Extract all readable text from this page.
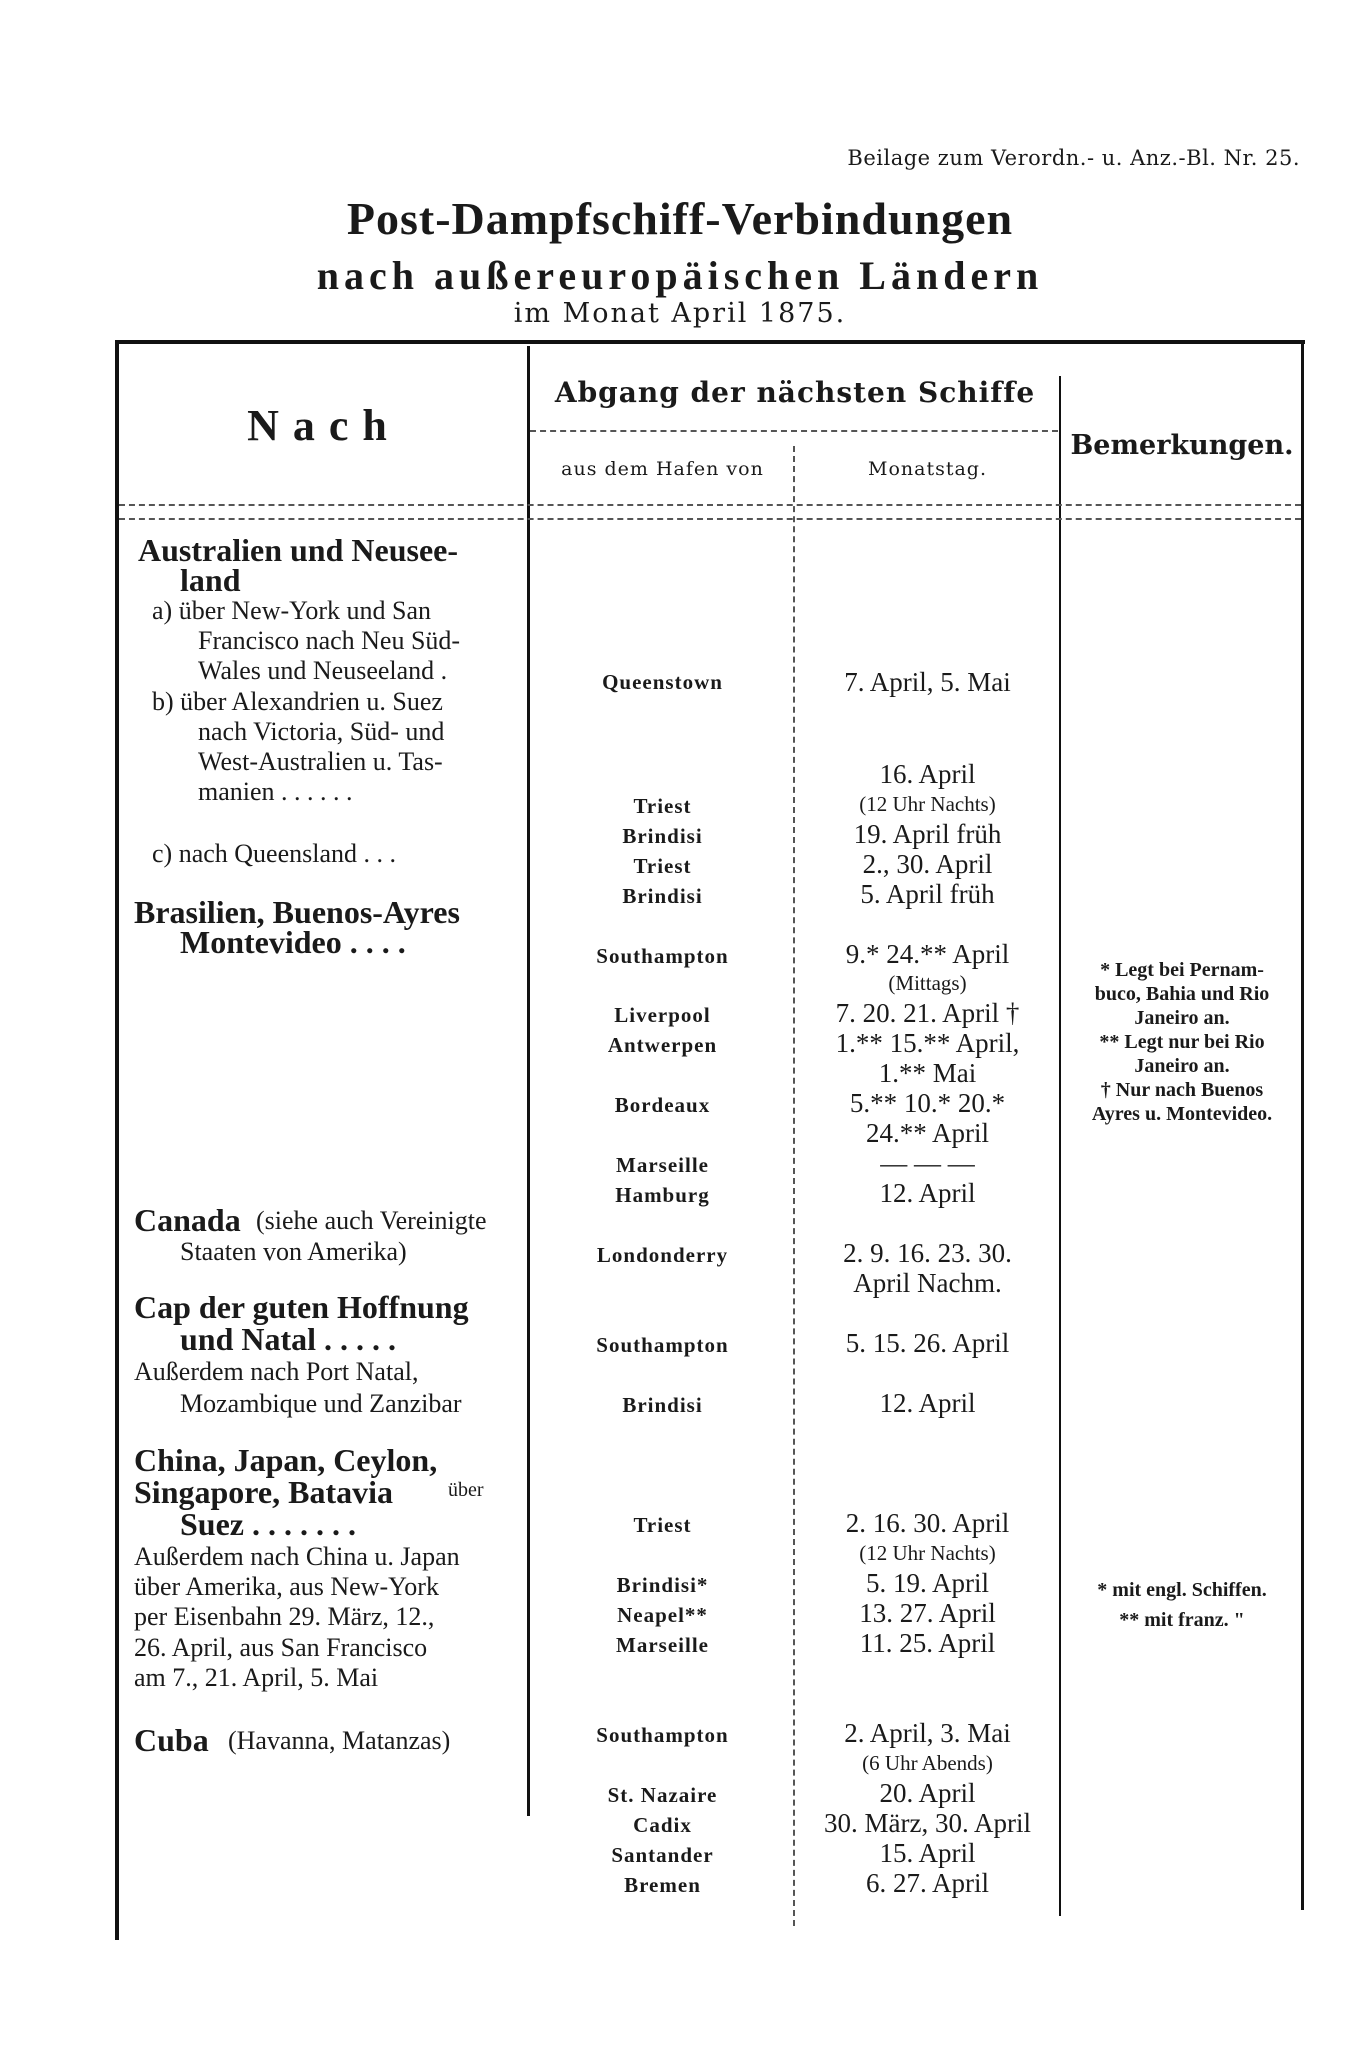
Beilage zum Verordn.- u. Anz.-Bl. Nr. 25.
Post-Dampfschiff-Verbindungen
nach außereuropäischen Ländern
im Monat April 1875.
Nach
Abgang der nächsten Schiffe
aus dem Hafen von	Monatstag.
Bemerkungen.
Australien und Neusee-
land
a) über New-York und San
Francisco nach Neu Süd-
Wales und Neuseeland .
b) über Alexandrien u. Suez
nach Victoria, Süd- und
West-Australien u. Tas-
manien . . . . . .
c) nach Queensland . . .
Brasilien, Buenos-Ayres
Montevideo . . . .
Canada (siehe auch Vereinigte
Staaten von Amerika)
Cap der guten Hoffnung
und Natal . . . . .
Außerdem nach Port Natal,
Mozambique und Zanzibar
China, Japan, Ceylon,
Singapore, Batavia	über
Suez . . . . . . .
Außerdem nach China u. Japan
über Amerika, aus New-York
per Eisenbahn 29. März, 12.,
26. April, aus San Francisco
am 7., 21. April, 5. Mai
Cuba (Havanna, Matanzas)
Queenstown
Triest
Brindisi
Triest
Brindisi
Southampton
Liverpool
Antwerpen
Bordeaux
Marseille
Hamburg
Londonderry
Southampton
Brindisi
Triest
Brindisi*
Neapel**
Marseille
Southampton
St. Nazaire
Cadix
Santander
Bremen
7. April, 5. Mai
16. April
(12 Uhr Nachts)
19. April früh
2., 30. April
5. April früh
9.* 24.** April
(Mittags)
7. 20. 21. April †
1.** 15.** April,
1.** Mai
5.** 10.* 20.*
24.** April
— — —
12. April
2. 9. 16. 23. 30.
April Nachm.
5. 15. 26. April
12. April
2. 16. 30. April
(12 Uhr Nachts)
5. 19. April
13. 27. April
11. 25. April
2. April, 3. Mai
(6 Uhr Abends)
20. April
30. März, 30. April
15. April
6. 27. April
* Legt bei Pernam-
buco, Bahia und Rio
Janeiro an.
** Legt nur bei Rio
Janeiro an.
† Nur nach Buenos
Ayres u. Montevideo.
* mit engl. Schiffen.
** mit franz. "
